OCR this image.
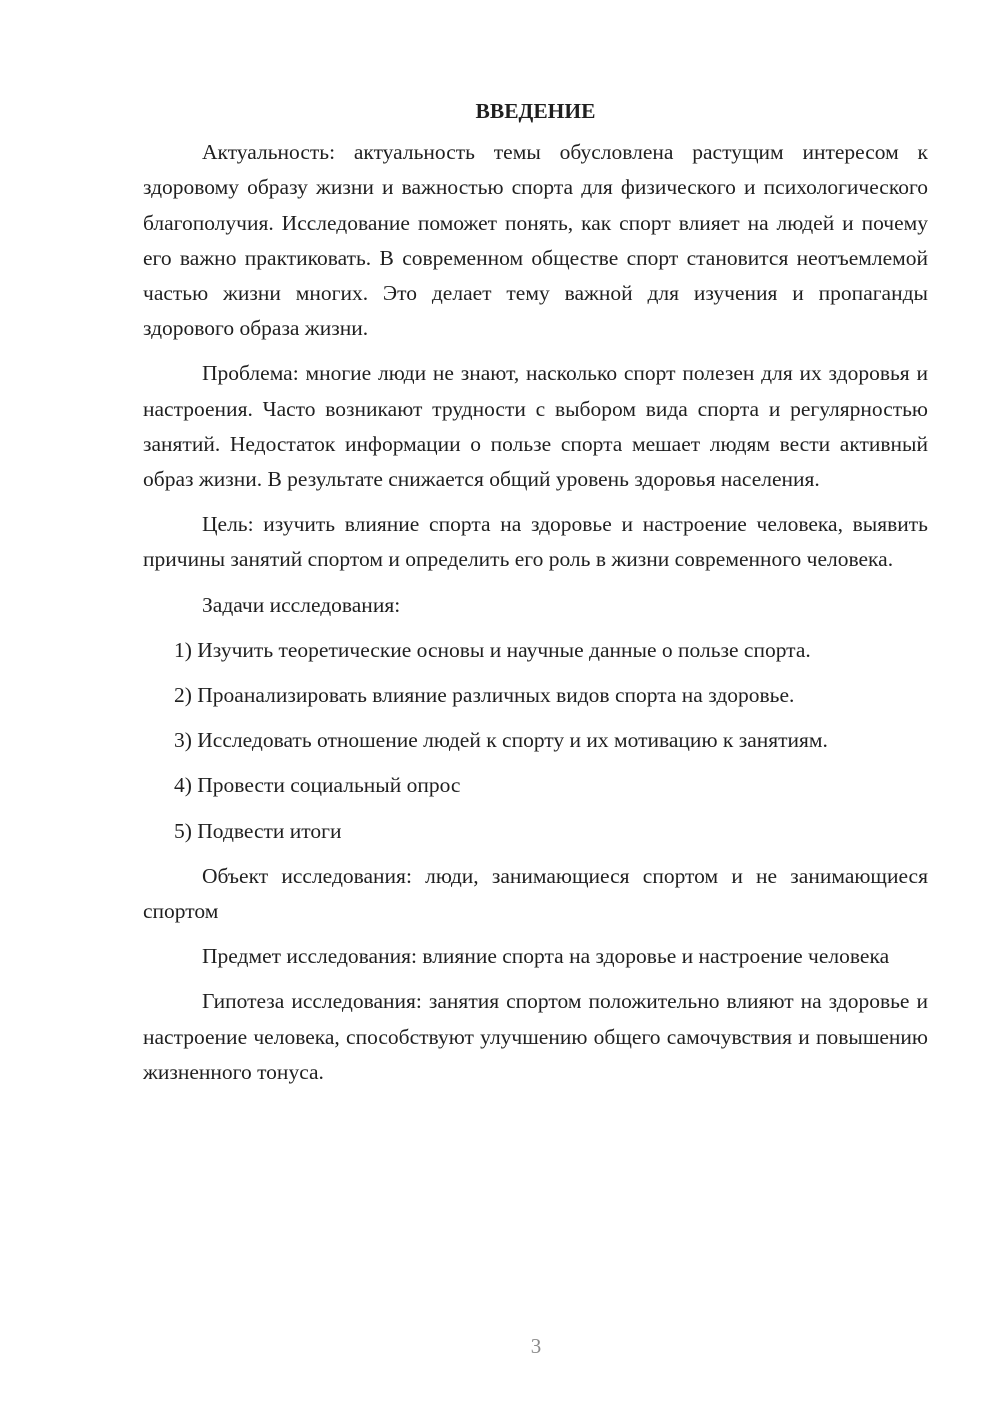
ВВЕДЕНИЕ

Актуальность: актуальность темы обусловлена растущим интересом к здоровому образу жизни и важностью спорта для физического и психологического благополучия. Исследование поможет понять, как спорт влияет на людей и почему его важно практиковать. В современном обществе спорт становится неотъемлемой частью жизни многих. Это делает тему важной для изучения и пропаганды здорового образа жизни.

Проблема: многие люди не знают, насколько спорт полезен для их здоровья и настроения. Часто возникают трудности с выбором вида спорта и регулярностью занятий. Недостаток информации о пользе спорта мешает людям вести активный образ жизни. В результате снижается общий уровень здоровья населения.

Цель: изучить влияние спорта на здоровье и настроение человека, выявить причины занятий спортом и определить его роль в жизни современного человека.

Задачи исследования:

1) Изучить теоретические основы и научные данные о пользе спорта.

2) Проанализировать влияние различных видов спорта на здоровье.

3) Исследовать отношение людей к спорту и их мотивацию к занятиям.

4) Провести социальный опрос

5) Подвести итоги

Объект исследования: люди, занимающиеся спортом и не занимающиеся спортом

Предмет исследования: влияние спорта на здоровье и настроение человека

Гипотеза исследования: занятия спортом положительно влияют на здоровье и настроение человека, способствуют улучшению общего самочувствия и повышению жизненного тонуса.

3
